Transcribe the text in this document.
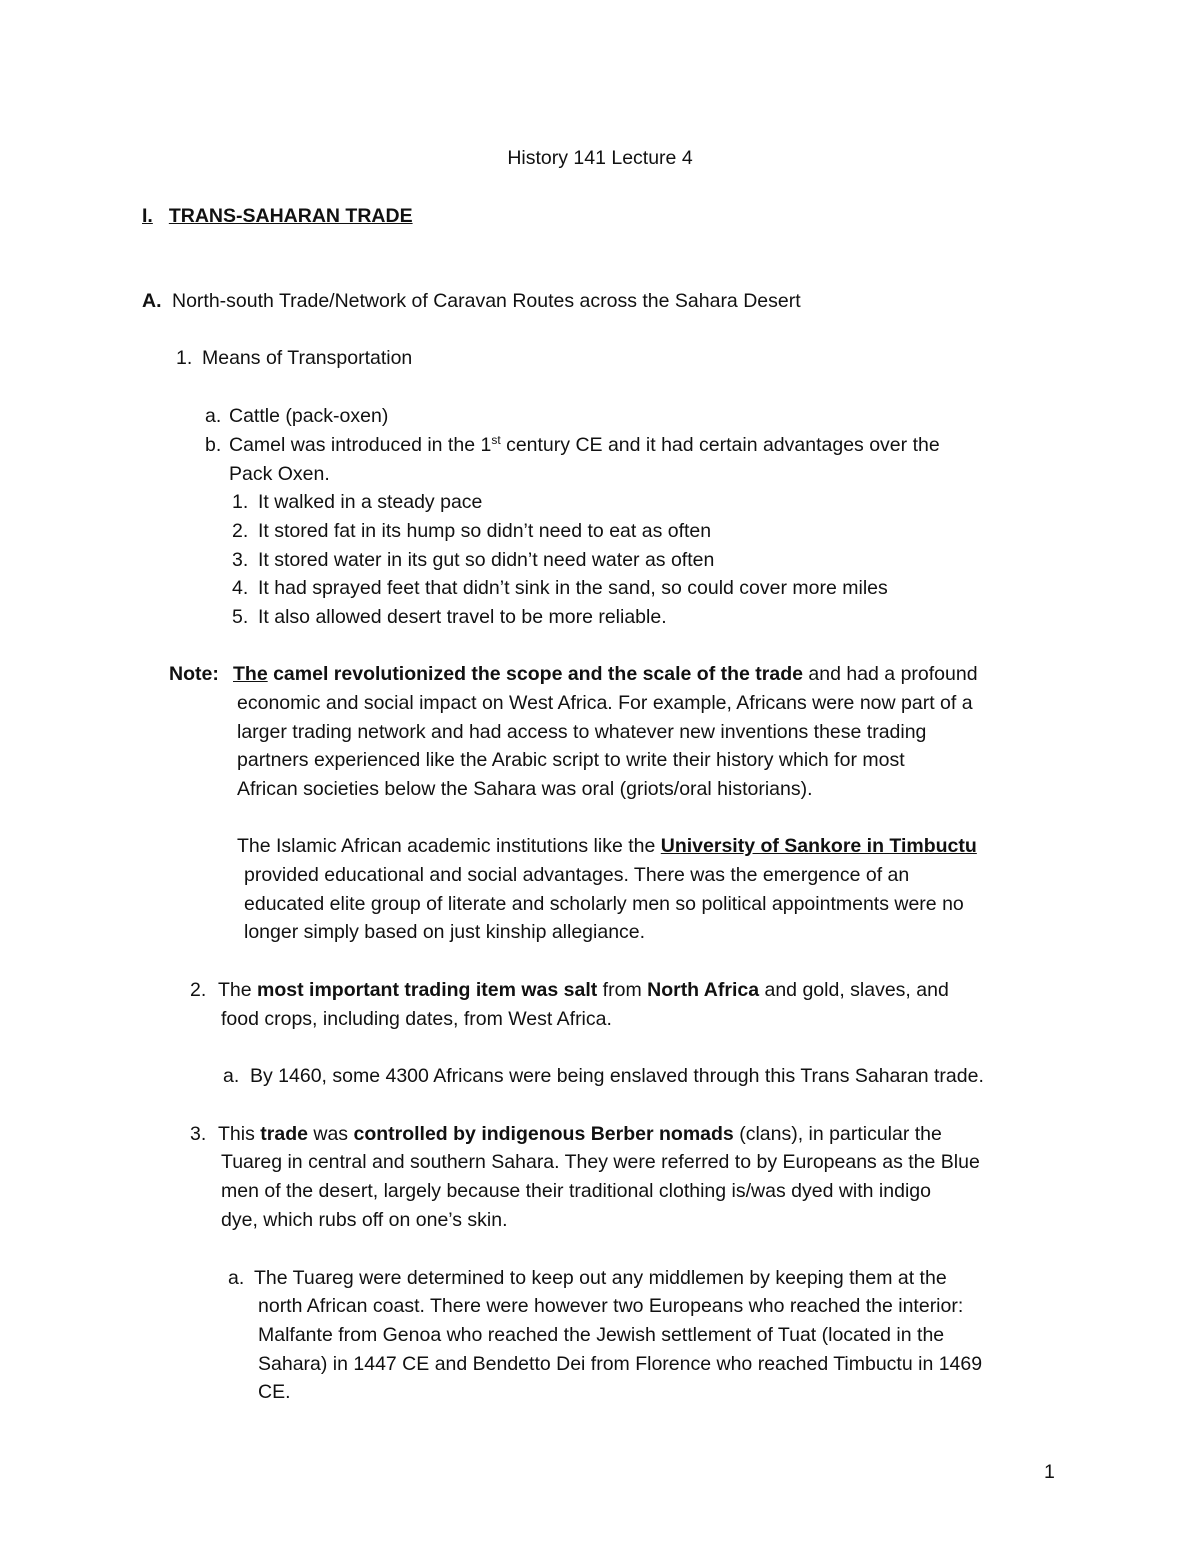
History 141 Lecture 4
I. TRANS-SAHARAN TRADE
A. North-south Trade/Network of Caravan Routes across the Sahara Desert
1. Means of Transportation
a. Cattle (pack-oxen)
b. Camel was introduced in the 1st century CE and it had certain advantages over the
Pack Oxen.
1. It walked in a steady pace
2. It stored fat in its hump so didn’t need to eat as often
3. It stored water in its gut so didn’t need water as often
4. It had sprayed feet that didn’t sink in the sand, so could cover more miles
5. It also allowed desert travel to be more reliable.
Note: The camel revolutionized the scope and the scale of the trade and had a profound
economic and social impact on West Africa. For example, Africans were now part of a
larger trading network and had access to whatever new inventions these trading
partners experienced like the Arabic script to write their history which for most
African societies below the Sahara was oral (griots/oral historians).
The Islamic African academic institutions like the University of Sankore in Timbuctu
provided educational and social advantages. There was the emergence of an
educated elite group of literate and scholarly men so political appointments were no
longer simply based on just kinship allegiance.
2. The most important trading item was salt from North Africa and gold, slaves, and
food crops, including dates, from West Africa.
a. By 1460, some 4300 Africans were being enslaved through this Trans Saharan trade.
3. This trade was controlled by indigenous Berber nomads (clans), in particular the
Tuareg in central and southern Sahara. They were referred to by Europeans as the Blue
men of the desert, largely because their traditional clothing is/was dyed with indigo
dye, which rubs off on one’s skin.
a. The Tuareg were determined to keep out any middlemen by keeping them at the
north African coast. There were however two Europeans who reached the interior:
Malfante from Genoa who reached the Jewish settlement of Tuat (located in the
Sahara) in 1447 CE and Bendetto Dei from Florence who reached Timbuctu in 1469
CE.
1
